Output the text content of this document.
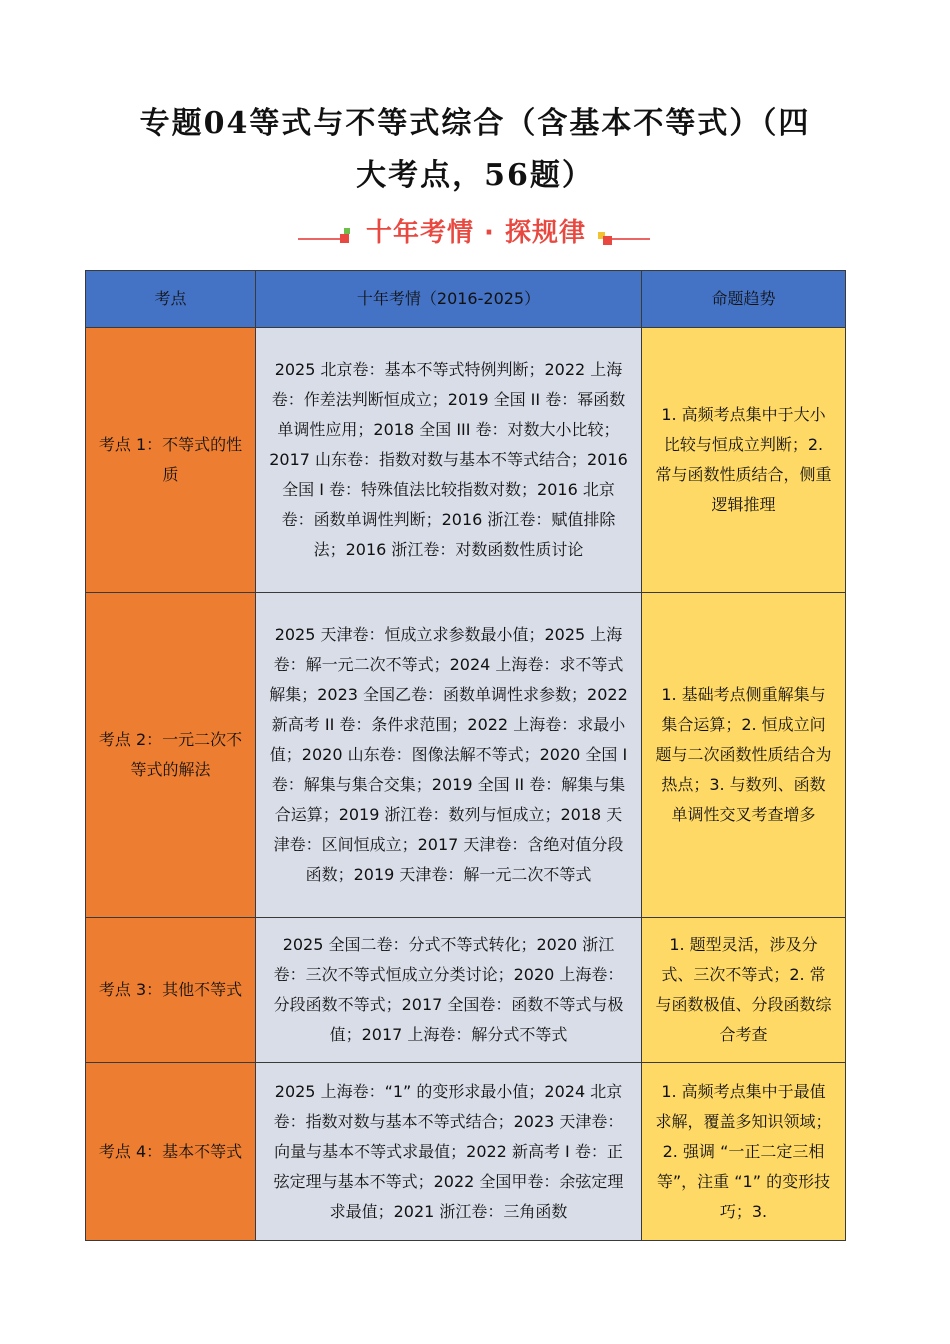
专题04等式与不等式综合（含基本不等式）（四
大考点，56题）
十年考情 · 探规律
考点	十年考情（2016-2025）	命题趋势

考点 1：不等式的性质	2025 北京卷：基本不等式特例判断；2022 上海卷：作差法判断恒成立；2019 全国 II 卷：幂函数单调性应用；2018 全国 III 卷：对数大小比较；2017 山东卷：指数对数与基本不等式结合；2016 全国 I 卷：特殊值法比较指数对数；2016 北京卷：函数单调性判断；2016 浙江卷：赋值排除法；2016 浙江卷：对数函数性质讨论	1. 高频考点集中于大小比较与恒成立判断；2. 常与函数性质结合，侧重逻辑推理

考点 2：一元二次不等式的解法	2025 天津卷：恒成立求参数最小值；2025 上海卷：解一元二次不等式；2024 上海卷：求不等式解集；2023 全国乙卷：函数单调性求参数；2022 新高考 II 卷：条件求范围；2022 上海卷：求最小值；2020 山东卷：图像法解不等式；2020 全国 I 卷：解集与集合交集；2019 全国 II 卷：解集与集合运算；2019 浙江卷：数列与恒成立；2018 天津卷：区间恒成立；2017 天津卷：含绝对值分段函数；2019 天津卷：解一元二次不等式	1. 基础考点侧重解集与集合运算；2. 恒成立问题与二次函数性质结合为热点；3. 与数列、函数单调性交叉考查增多

考点 3：其他不等式	2025 全国二卷：分式不等式转化；2020 浙江卷：三次不等式恒成立分类讨论；2020 上海卷：分段函数不等式；2017 全国卷：函数不等式与极值；2017 上海卷：解分式不等式	1. 题型灵活，涉及分式、三次不等式；2. 常与函数极值、分段函数综合考查

考点 4：基本不等式	2025 上海卷：“1” 的变形求最小值；2024 北京卷：指数对数与基本不等式结合；2023 天津卷：向量与基本不等式求最值；2022 新高考 I 卷：正弦定理与基本不等式；2022 全国甲卷：余弦定理求最值；2021 浙江卷：三角函数	1. 高频考点集中于最值求解，覆盖多知识领域；2. 强调 “一正二定三相等”，注重 “1” 的变形技巧；3.
